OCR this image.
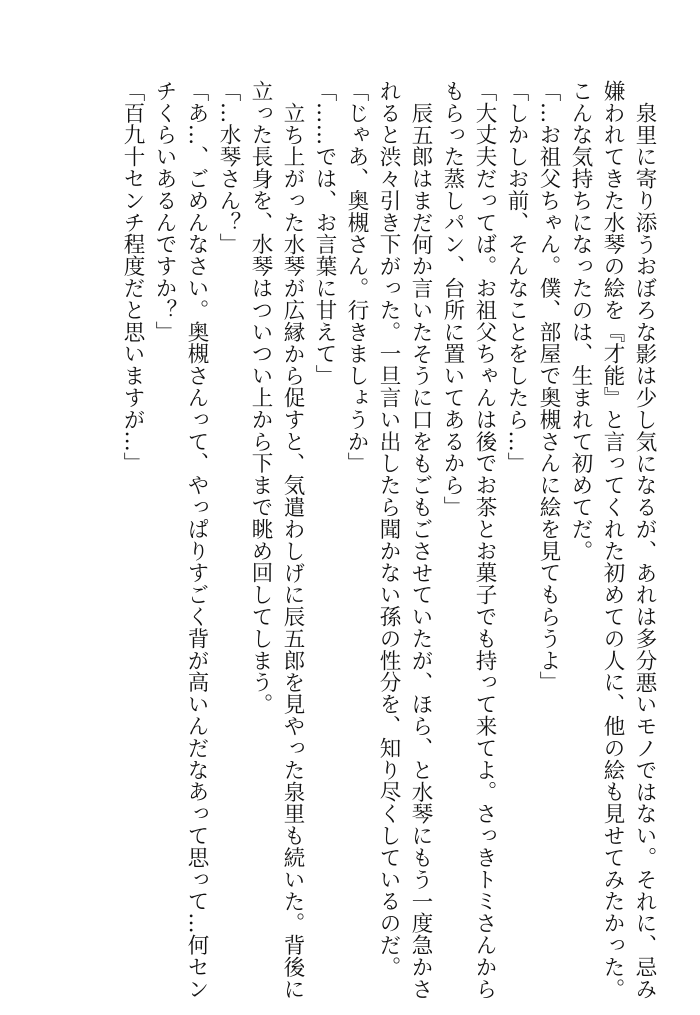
泉里に寄り添うおぼろな影は少し気になるが、あれは多分悪いモノではない。それに、忌み
嫌われてきた水琴の絵を『才能』と言ってくれた初めての人に、他の絵も見せてみたかった。
こんな気持ちになったのは、生まれて初めてだ。
「…お祖父ちゃん。僕、部屋で奥槻さんに絵を見てもらうよ」
「しかしお前、そんなことをしたら…」
「大丈夫だってば。お祖父ちゃんは後でお茶とお菓子でも持って来てよ。さっきトミさんから
もらった蒸しパン、台所に置いてあるから」
辰五郎はまだ何か言いたそうに口をもごもごさせていたが、ほら、と水琴にもう一度急かさ
れると渋々引き下がった。一旦言い出したら聞かない孫の性分を、知り尽くしているのだ。
「じゃあ、奥槻さん。行きましょうか」
「……では、お言葉に甘えて」
立ち上がった水琴が広縁から促すと、気遣わしげに辰五郎を見やった泉里も続いた。背後に
立った長身を、水琴はついつい上から下まで眺め回してしまう。
「…水琴さん？」
「あ…、ごめんなさい。奥槻さんって、やっぱりすごく背が高いんだなあって思って…何セン
チくらいあるんですか？」
「百九十センチ程度だと思いますが…」
